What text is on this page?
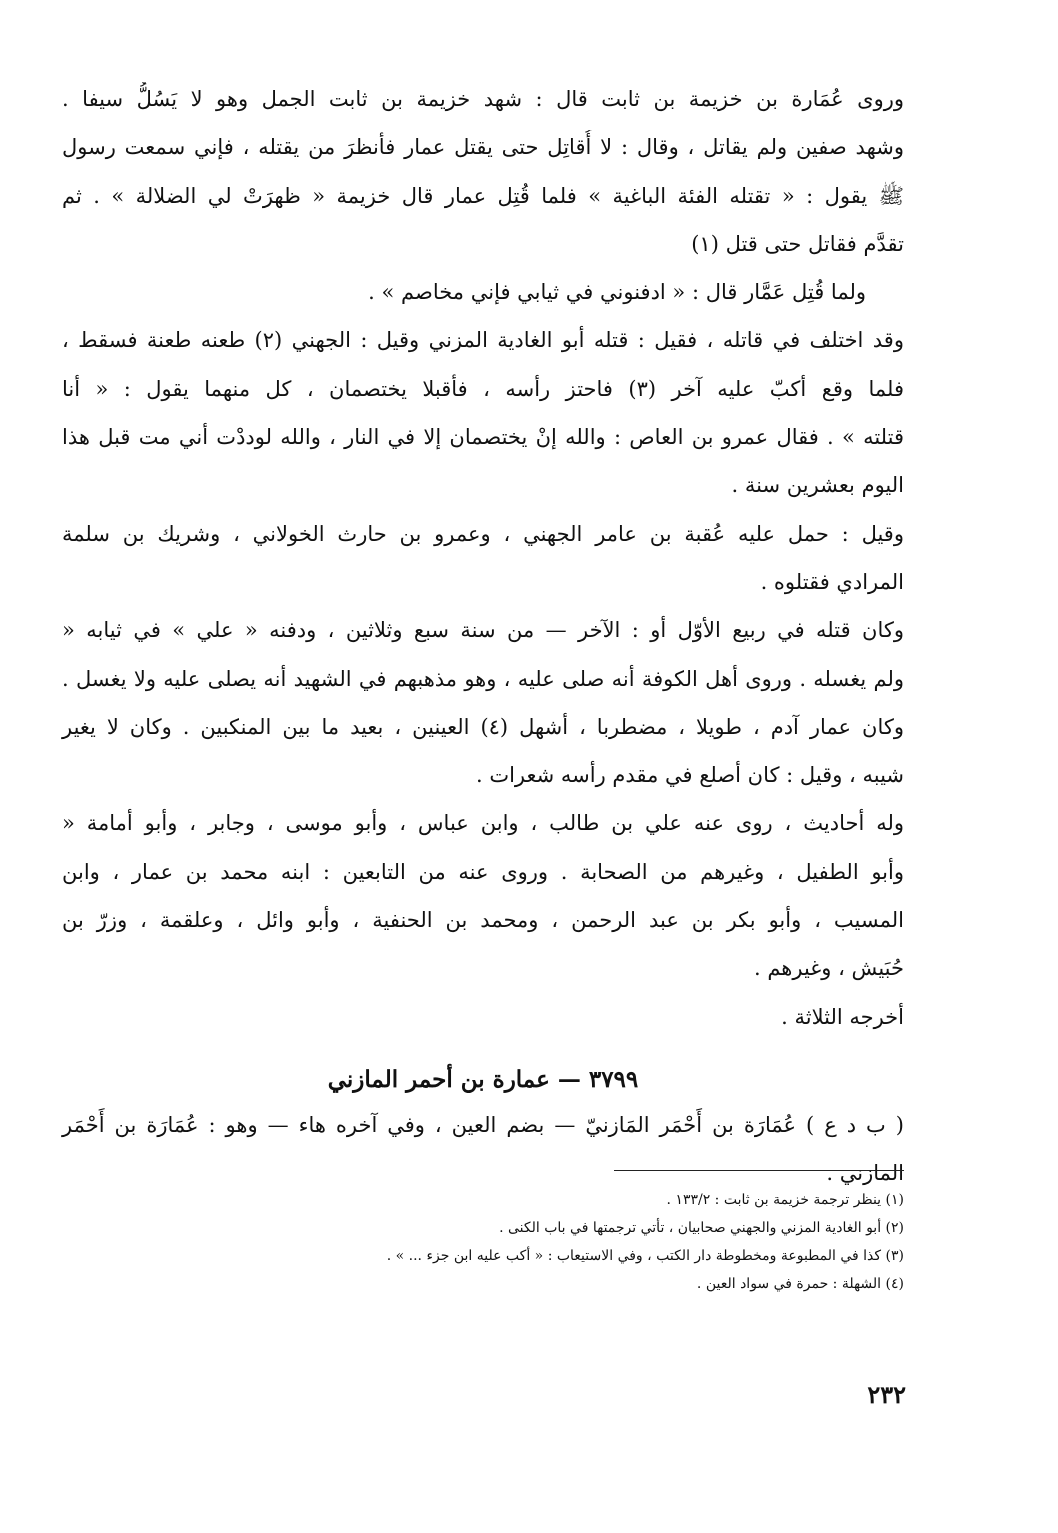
وروى عُمَارة بن خزيمة بن ثابت قال : شهد خزيمة بن ثابت الجمل وهو لا يَسُلُّ سيفا .
وشهد صفين ولم يقاتل ، وقال : لا أُقاتِل حتى يقتل عمار فأنظرَ من يقتله ، فإني سمعت رسول
ﷺ يقول : « تقتله الفئة الباغية » فلما قُتِل عمار قال خزيمة « ظهرَتْ لي الضلالة » . ثم
تقدَّم فقاتل حتى قتل (١)
ولما قُتِل عَمَّار قال : « ادفنوني في ثيابي فإني مخاصم » .
وقد اختلف في قاتله ، فقيل : قتله أبو الغادية المزني وقيل : الجهني (٢) طعنه طعنة فسقط ،
فلما وقع أكبّ عليه آخر (٣) فاحتز رأسه ، فأقبلا يختصمان ، كل منهما يقول : « أنا
قتلته » . فقال عمرو بن العاص : والله إنْ يختصمان إلا في النار ، والله لوددْت أني مت قبل هذا
اليوم بعشرين سنة .
وقيل : حمل عليه عُقبة بن عامر الجهني ، وعمرو بن حارث الخولاني ، وشريك بن سلمة
المرادي فقتلوه .
وكان قتله في ربيع الأوّل أو : الآخر — من سنة سبع وثلاثين ، ودفنه « علي » في ثيابه «
ولم يغسله . وروى أهل الكوفة أنه صلى عليه ، وهو مذهبهم في الشهيد أنه يصلى عليه ولا يغسل .
وكان عمار آدم ، طويلا ، مضطربا ، أشهل (٤) العينين ، بعيد ما بين المنكبين . وكان لا يغير
شيبه ، وقيل : كان أصلع في مقدم رأسه شعرات .
وله أحاديث ، روى عنه علي بن طالب ، وابن عباس ، وأبو موسى ، وجابر ، وأبو أمامة «
وأبو الطفيل ، وغيرهم من الصحابة . وروى عنه من التابعين : ابنه محمد بن عمار ، وابن
المسيب ، وأبو بكر بن عبد الرحمن ، ومحمد بن الحنفية ، وأبو وائل ، وعلقمة ، وزرّ بن
حُبَيش ، وغيرهم .
أخرجه الثلاثة .
٣٧٩٩ — عمارة بن أحمر المازني
( ب د ع ) عُمَارَة بن أَحْمَر المَازنيّ — بضم العين ، وفي آخره هاء — وهو : عُمَارَة بن أَحْمَر
المازني .
(١) ينظر ترجمة خزيمة بن ثابت : ١٣٣/٢ .
(٢) أبو الغادية المزني والجهني صحابيان ، تأتي ترجمتها في باب الكنى .
(٣) كذا في المطبوعة ومخطوطة دار الكتب ، وفي الاستيعاب : « أكب عليه ابن جزء ... » .
(٤) الشهلة : حمرة في سواد العين .
٢٣٢
